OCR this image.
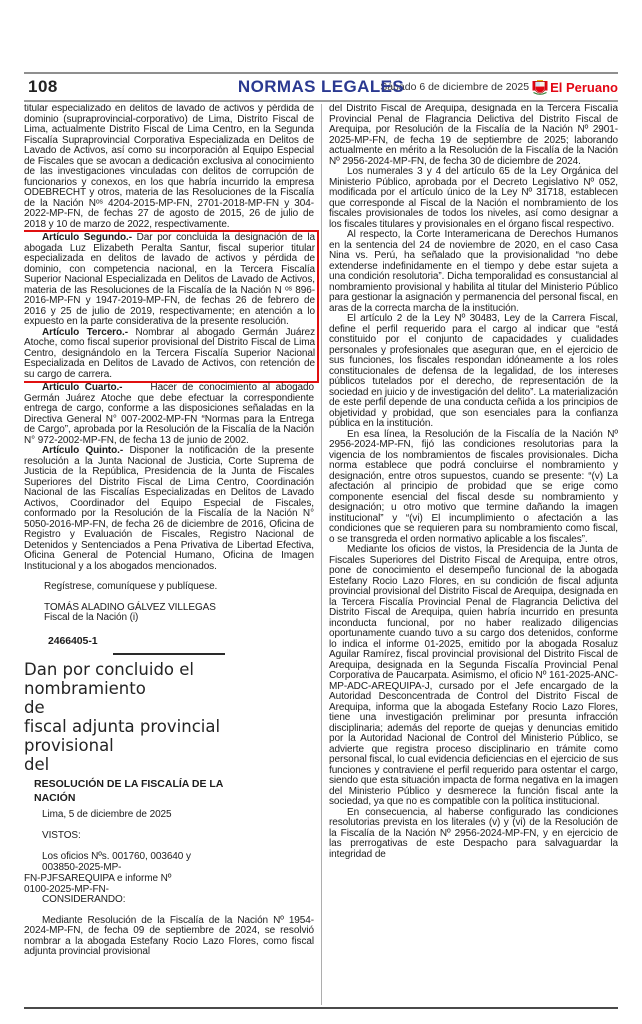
108	NORMAS LEGALES
Sábado 6 de diciembre de 2025 El Peruano

titular especializado en delitos de lavado de activos y pérdida de dominio (supraprovincial-corporativo) de Lima, Distrito Fiscal de Lima, actualmente Distrito Fiscal de Lima Centro, en la Segunda Fiscalía Supraprovincial Corporativa Especializada en Delitos de Lavado de Activos, así como su incorporación al Equipo Especial de Fiscales que se avocan a dedicación exclusiva al conocimiento de las investigaciones vinculadas con delitos de corrupción de funcionarios y conexos, en los que habría incurrido la empresa ODEBRECHT y otros, materia de las Resoluciones de la Fiscalía de la Nación Nᵒˢ 4204-2015-MP-FN, 2701-2018-MP-FN y 304-2022-MP-FN, de fechas 27 de agosto de 2015, 26 de julio de 2018 y 10 de marzo de 2022, respectivamente.

Artículo Segundo.- Dar por concluida la designación de la abogada Luz Elizabeth Peralta Santur, fiscal superior titular especializada en delitos de lavado de activos y pérdida de dominio, con competencia nacional, en la Tercera Fiscalía Superior Nacional Especializada en Delitos de Lavado de Activos, materia de las Resoluciones de la Fiscalía de la Nación N ᵒˢ 896-2016-MP-FN y 1947-2019-MP-FN, de fechas 26 de febrero de 2016 y 25 de julio de 2019, respectivamente; en atención a lo expuesto en la parte considerativa de la presente resolución.

Artículo Tercero.- Nombrar al abogado Germán Juárez Atoche, como fiscal superior provisional del Distrito Fiscal de Lima Centro, designándolo en la Tercera Fiscalía Superior Nacional Especializada en Delitos de Lavado de Activos, con retención de su cargo de carrera.

Artículo Cuarto.-	Hacer de conocimiento al abogado Germán Juárez Atoche que debe efectuar la correspondiente entrega de cargo, conforme a las disposiciones señaladas en la Directiva General N° 007-2002-MP-FN “Normas para la Entrega de Cargo”, aprobada por la Resolución de la Fiscalía de la Nación N° 972-2002-MP-FN, de fecha 13 de junio de 2002.

Artículo Quinto.- Disponer la notificación de la presente resolución a la Junta Nacional de Justicia, Corte Suprema de Justicia de la República, Presidencia de la Junta de Fiscales Superiores del Distrito Fiscal de Lima Centro, Coordinación Nacional de las Fiscalías Especializadas en Delitos de Lavado Activos, Coordinador del Equipo Especial de Fiscales, conformado por la Resolución de la Fiscalía de la Nación N° 5050-2016-MP-FN, de fecha 26 de diciembre de 2016, Oficina de Registro y Evaluación de Fiscales, Registro Nacional de Detenidos y Sentenciados a Pena Privativa de Libertad Efectiva, Oficina General de Potencial Humano, Oficina de Imagen Institucional y a los abogados mencionados.

Regístrese, comuníquese y publíquese.

TOMÁS ALADINO GÁLVEZ VILLEGAS

Fiscal de la Nación (i)

2466405-1

Dan por concluido el nombramiento
de
fiscal adjunta provincial provisional
del
RESOLUCIÓN DE LA FISCALÍA DE LA NACIÓN

Lima, 5 de diciembre de 2025

VISTOS:

Los oficios Nºs. 001760, 003640 y
003850-2025-MP-
FN-PJFSAREQUIPA e informe Nº
0100-2025-MP-FN-

CONSIDERANDO:

Mediante Resolución de la Fiscalía de la Nación Nº 1954-2024-MP-FN, de fecha 09 de septiembre de 2024, se resolvió nombrar a la abogada Estefany Rocio Lazo Flores, como fiscal adjunta provincial provisional

del Distrito Fiscal de Arequipa, designada en la Tercera Fiscalía Provincial Penal de Flagrancia Delictiva del Distrito Fiscal de Arequipa, por Resolución de la Fiscalía de la Nación Nº 2901-2025-MP-FN, de fecha 19 de septiembre de 2025; laborando actualmente en mérito a la Resolución de la Fiscalía de la Nación Nº 2956-2024-MP-FN, de fecha 30 de diciembre de 2024.

Los numerales 3 y 4 del artículo 65 de la Ley Orgánica del Ministerio Público, aprobada por el Decreto Legislativo Nº 052, modificada por el artículo único de la Ley Nº 31718, establecen que corresponde al Fiscal de la Nación el nombramiento de los fiscales provisionales de todos los niveles, así como designar a los fiscales titulares y provisionales en el órgano fiscal respectivo.

Al respecto, la Corte Interamericana de Derechos Humanos en la sentencia del 24 de noviembre de 2020, en el caso Casa Nina vs. Perú, ha señalado que la provisionalidad “no debe extenderse indefinidamente en el tiempo y debe estar sujeta a una condición resolutoria”. Dicha temporalidad es consustancial al nombramiento provisional y habilita al titular del Ministerio Público para gestionar la asignación y permanencia del personal fiscal, en aras de la correcta marcha de la institución.

El artículo 2 de la Ley Nº 30483, Ley de la Carrera Fiscal, define el perfil requerido para el cargo al indicar que “está constituido por el conjunto de capacidades y cualidades personales y profesionales que aseguran que, en el ejercicio de sus funciones, los fiscales respondan idóneamente a los roles constitucionales de defensa de la legalidad, de los intereses públicos tutelados por el derecho, de representación de la sociedad en juicio y de investigación del delito”. La materialización de este perfil depende de una conducta ceñida a los principios de objetividad y probidad, que son esenciales para la confianza pública en la institución.

En esa línea, la Resolución de la Fiscalía de la Nación Nº 2956-2024-MP-FN, fijó las condiciones resolutorias para la vigencia de los nombramientos de fiscales provisionales. Dicha norma establece que podrá concluirse el nombramiento y designación, entre otros supuestos, cuando se presente: “(v) La afectación al principio de probidad que se erige como componente esencial del fiscal desde su nombramiento y designación; u otro motivo que termine dañando la imagen institucional” y “(vi) El incumplimiento o afectación a las condiciones que se requieren para su nombramiento como fiscal, o se transgreda el orden normativo aplicable a los fiscales”.

Mediante los oficios de vistos, la Presidencia de la Junta de Fiscales Superiores del Distrito Fiscal de Arequipa, entre otros, pone de conocimiento el desempeño funcional de la abogada Estefany Rocio Lazo Flores, en su condición de fiscal adjunta provincial provisional del Distrito Fiscal de Arequipa, designada en la Tercera Fiscalía Provincial Penal de Flagrancia Delictiva del Distrito Fiscal de Arequipa, quien habría incurrido en presunta inconducta funcional, por no haber realizado diligencias oportunamente cuando tuvo a su cargo dos detenidos, conforme lo indica el informe 01-2025, emitido por la abogada Rosaluz Aguilar Ramírez, fiscal provincial provisional del Distrito Fiscal de Arequipa, designada en la Segunda Fiscalía Provincial Penal Corporativa de Paucarpata. Asimismo, el oficio Nº 161-2025-ANC-MP-ADC-AREQUIPA-J, cursado por el Jefe encargado de la Autoridad Desconcentrada de Control del Distrito Fiscal de Arequipa, informa que la abogada Estefany Rocio Lazo Flores, tiene una investigación preliminar por presunta infracción disciplinaria; además del reporte de quejas y denuncias emitido por la Autoridad Nacional de Control del Ministerio Público, se advierte que registra proceso disciplinario en trámite como personal fiscal, lo cual evidencia deficiencias en el ejercicio de sus funciones y contraviene el perfil requerido para ostentar el cargo, siendo que esta situación impacta de forma negativa en la imagen del Ministerio Público y desmerece la función fiscal ante la sociedad, ya que no es compatible con la política institucional.

En consecuencia, al haberse configurado las condiciones resolutorias prevista en los literales (v) y (vi) de la Resolución de la Fiscalía de la Nación Nº 2956-2024-MP-FN, y en ejercicio de las prerrogativas de este Despacho para salvaguardar la integridad de
